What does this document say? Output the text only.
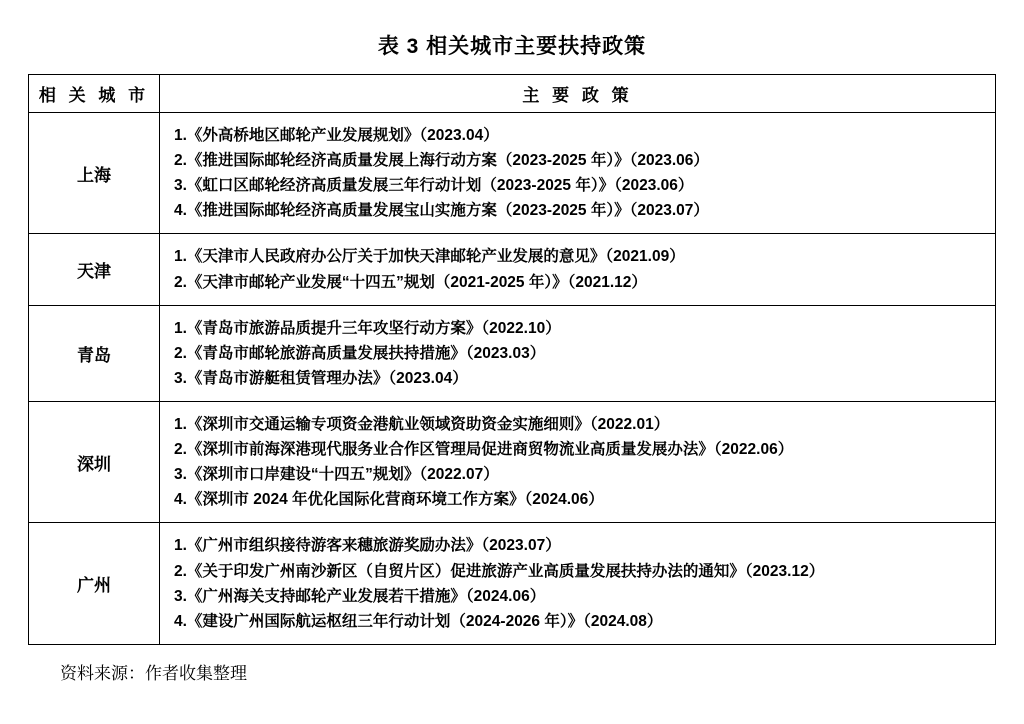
表 3 相关城市主要扶持政策
相 关 城 市	主 要 政 策
上海	1.《外高桥地区邮轮产业发展规划》（2023.04）
2.《推进国际邮轮经济高质量发展上海行动方案（2023-2025 年）》（2023.06）
3.《虹口区邮轮经济高质量发展三年行动计划（2023-2025 年）》（2023.06）
4.《推进国际邮轮经济高质量发展宝山实施方案（2023-2025 年）》（2023.07）

天津	1.《天津市人民政府办公厅关于加快天津邮轮产业发展的意见》（2021.09）
2.《天津市邮轮产业发展“十四五”规划（2021-2025 年）》（2021.12）

青岛	1.《青岛市旅游品质提升三年攻坚行动方案》（2022.10）
2.《青岛市邮轮旅游高质量发展扶持措施》（2023.03）
3.《青岛市游艇租赁管理办法》（2023.04）

深圳	1.《深圳市交通运输专项资金港航业领域资助资金实施细则》（2022.01）
2.《深圳市前海深港现代服务业合作区管理局促进商贸物流业高质量发展办法》（2022.06）
3.《深圳市口岸建设“十四五”规划》（2022.07）
4.《深圳市 2024 年优化国际化营商环境工作方案》（2024.06）

广州	1.《广州市组织接待游客来穗旅游奖励办法》（2023.07）
2.《关于印发广州南沙新区（自贸片区）促进旅游产业高质量发展扶持办法的通知》（2023.12）
3.《广州海关支持邮轮产业发展若干措施》（2024.06）
4.《建设广州国际航运枢纽三年行动计划（2024-2026 年）》（2024.08）
资料来源：作者收集整理
